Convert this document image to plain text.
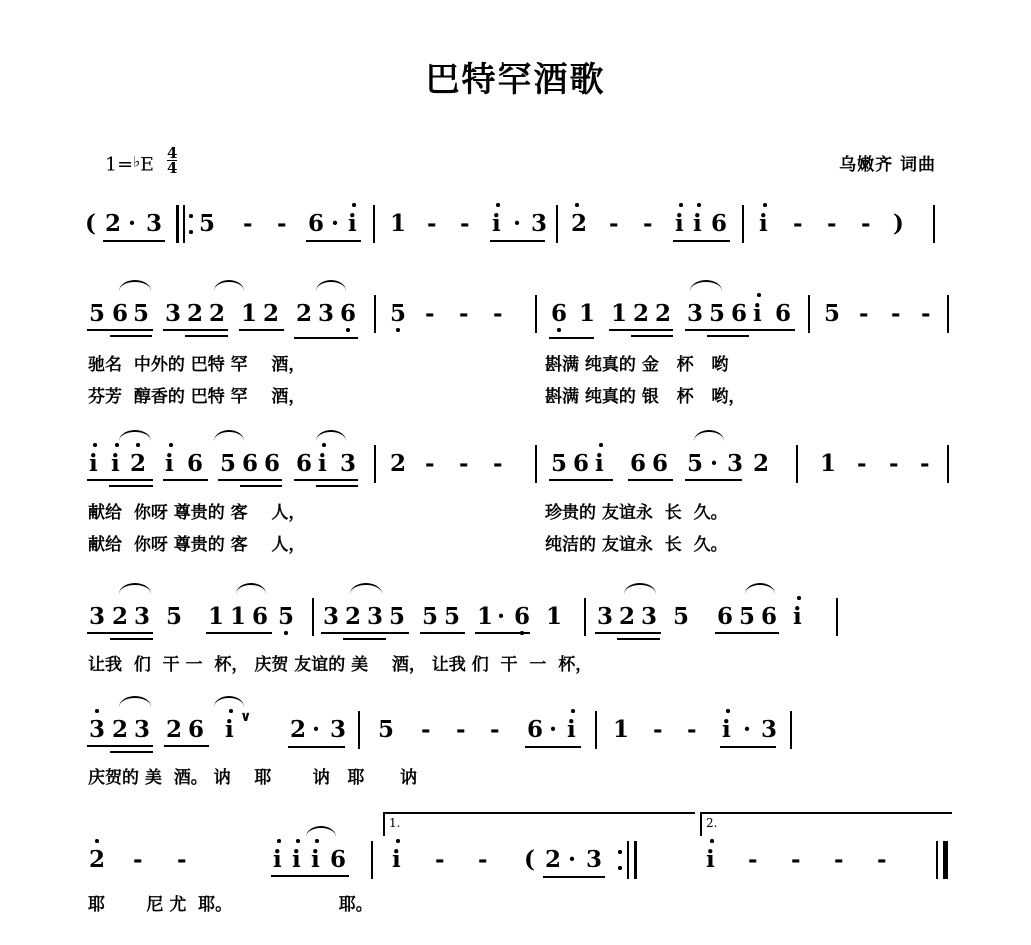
巴特罕酒歌
$1=^♭E \frac{4}{4}$	乌嫩齐 词曲
( 2 · 3 5 - - 6 · i 1 - - i · 3 2 - - i i 6 i - - - )
5 6 5 3 2 2 1 2 2 3 6 5 - - - 6 1 1 2 2 3 5 6 i 6 5 - - -
驰名  中外的 巴特 罕    酒，	斟满 纯真的 金   杯   哟
芬芳  醇香的 巴特 罕    酒，	斟满 纯真的 银   杯   哟，
i i 2 i 6 5 6 6 6 i 3 2 - - - 5 6 i 6 6 5 · 3 2 1 - - -
献给  你呀 尊贵的 客    人，	珍贵的 友谊永  长  久。
献给  你呀 尊贵的 客    人，	纯洁的 友谊永  长  久。
3 2 3 5 1 1 6 5 3 2 3 5 5 5 1 · 6 1 3 2 3 5 6 5 6 i
让我  们  干 一  杯， 庆贺 友谊的 美    酒， 让我 们  干  一  杯，
3 2 3 2 6 i ∨ 2 · 3 5 - - - 6 · i 1 - - i · 3
庆贺的 美  酒。 讷    耶       讷   耶      讷
1.	2.
2 - -	i i i 6 i - - ( 2 · 3	i - - - -
耶       尼 尤  耶。                  耶。
